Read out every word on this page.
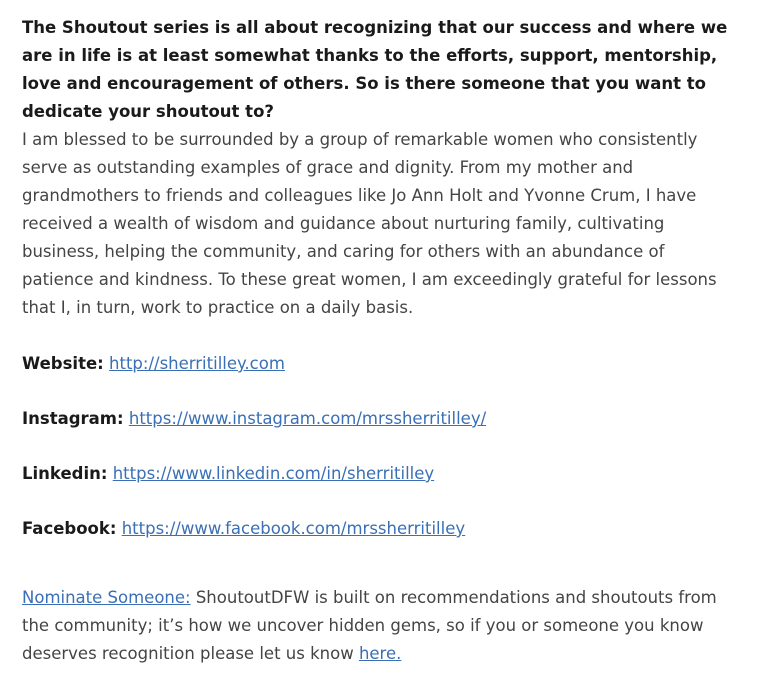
The Shoutout series is all about recognizing that our success and where we are in life is at least somewhat thanks to the efforts, support, mentorship, love and encouragement of others. So is there someone that you want to dedicate your shoutout to?

I am blessed to be surrounded by a group of remarkable women who consistently serve as outstanding examples of grace and dignity. From my mother and grandmothers to friends and colleagues like Jo Ann Holt and Yvonne Crum, I have received a wealth of wisdom and guidance about nurturing family, cultivating business, helping the community, and caring for others with an abundance of patience and kindness. To these great women, I am exceedingly grateful for lessons that I, in turn, work to practice on a daily basis.

Website: http://sherritilley.com

Instagram: https://www.instagram.com/mrssherritilley/

Linkedin: https://www.linkedin.com/in/sherritilley

Facebook: https://www.facebook.com/mrssherritilley

Nominate Someone: ShoutoutDFW is built on recommendations and shoutouts from the community; it’s how we uncover hidden gems, so if you or someone you know deserves recognition please let us know here.
